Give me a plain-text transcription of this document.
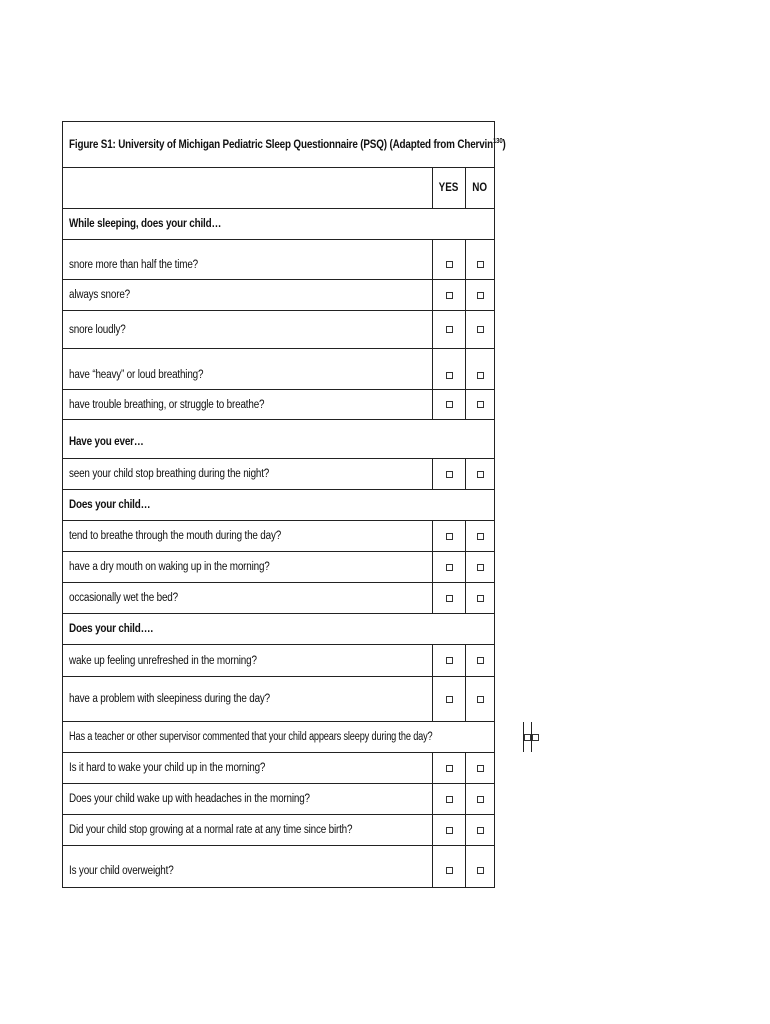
Figure S1: University of Michigan Pediatric Sleep Questionnaire (PSQ) (Adapted from Chervin$^{130}$)
YES NO
While sleeping, does your child…
snore more than half the time?
always snore?
snore loudly?
have “heavy” or loud breathing?
have trouble breathing, or struggle to breathe?
Have you ever…
seen your child stop breathing during the night?
Does your child…
tend to breathe through the mouth during the day?
have a dry mouth on waking up in the morning?
occasionally wet the bed?
Does your child….
wake up feeling unrefreshed in the morning?
have a problem with sleepiness during the day?
Has a teacher or other supervisor commented that your child appears sleepy during the day?
Is it hard to wake your child up in the morning?
Does your child wake up with headaches in the morning?
Did your child stop growing at a normal rate at any time since birth?
Is your child overweight?
